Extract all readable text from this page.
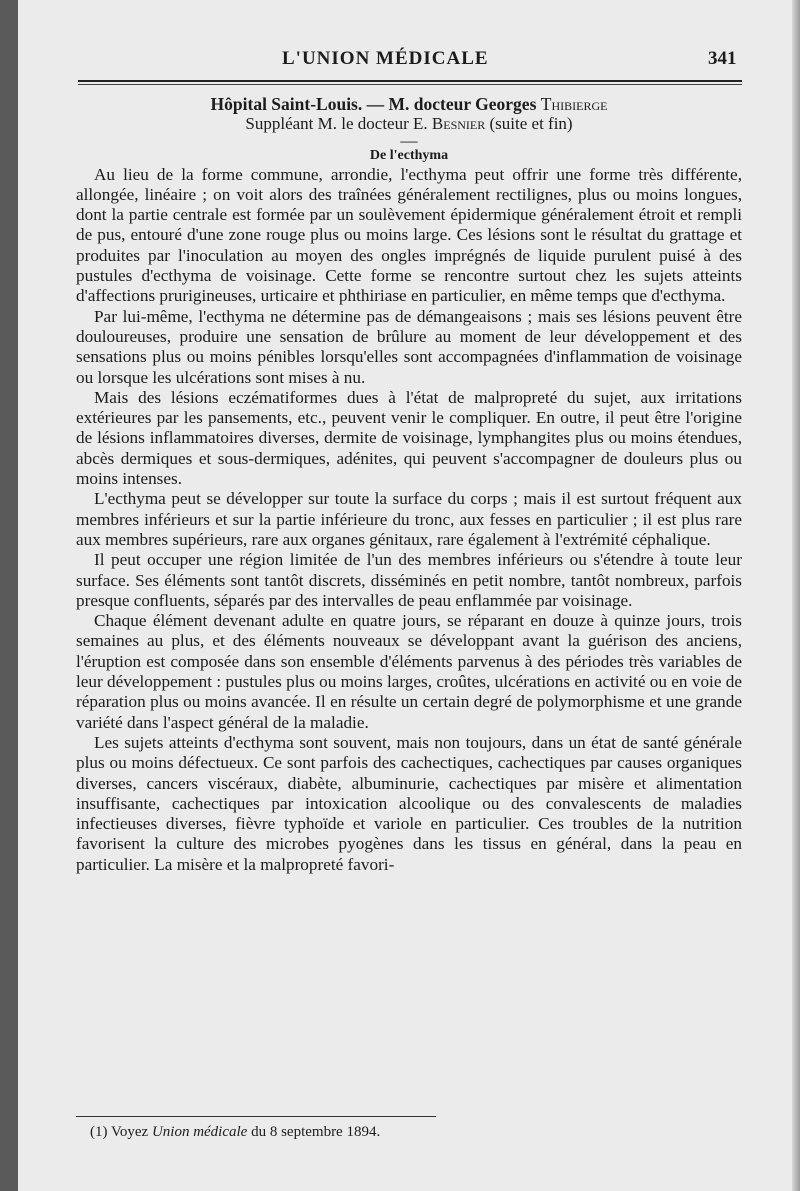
L'UNION MÉDICALE	341
Hôpital Saint-Louis. — M. docteur Georges Thibierge
Suppléant M. le docteur E. Besnier (suite et fin)
—
De l'ecthyma

Au lieu de la forme commune, arrondie, l'ecthyma peut offrir une forme très différente, allongée, linéaire ; on voit alors des traînées généralement rectilignes, plus ou moins longues, dont la partie centrale est formée par un soulèvement épidermique généralement étroit et rempli de pus, entouré d'une zone rouge plus ou moins large. Ces lésions sont le résultat du grattage et produites par l'inoculation au moyen des ongles imprégnés de liquide purulent puisé à des pustules d'ecthyma de voisinage. Cette forme se rencontre surtout chez les sujets atteints d'affections prurigineuses, urticaire et phthiriase en particulier, en même temps que d'ecthyma.

Par lui-même, l'ecthyma ne détermine pas de démangeaisons ; mais ses lésions peuvent être douloureuses, produire une sensation de brûlure au moment de leur développement et des sensations plus ou moins pénibles lorsqu'elles sont accompagnées d'inflammation de voisinage ou lorsque les ulcérations sont mises à nu.

Mais des lésions eczématiformes dues à l'état de malpropreté du sujet, aux irritations extérieures par les pansements, etc., peuvent venir le compliquer. En outre, il peut être l'origine de lésions inflammatoires diverses, dermite de voisinage, lymphangites plus ou moins étendues, abcès dermiques et sous-dermiques, adénites, qui peuvent s'accompagner de douleurs plus ou moins intenses.

L'ecthyma peut se développer sur toute la surface du corps ; mais il est surtout fréquent aux membres inférieurs et sur la partie inférieure du tronc, aux fesses en particulier ; il est plus rare aux membres supérieurs, rare aux organes génitaux, rare également à l'extrémité céphalique.

Il peut occuper une région limitée de l'un des membres inférieurs ou s'étendre à toute leur surface. Ses éléments sont tantôt discrets, disséminés en petit nombre, tantôt nombreux, parfois presque confluents, séparés par des intervalles de peau enflammée par voisinage.

Chaque élément devenant adulte en quatre jours, se réparant en douze à quinze jours, trois semaines au plus, et des éléments nouveaux se développant avant la guérison des anciens, l'éruption est composée dans son ensemble d'éléments parvenus à des périodes très variables de leur développement : pustules plus ou moins larges, croûtes, ulcérations en activité ou en voie de réparation plus ou moins avancée. Il en résulte un certain degré de polymorphisme et une grande variété dans l'aspect général de la maladie.

Les sujets atteints d'ecthyma sont souvent, mais non toujours, dans un état de santé générale plus ou moins défectueux. Ce sont parfois des cachectiques, cachectiques par causes organiques diverses, cancers viscéraux, diabète, albuminurie, cachectiques par misère et alimentation insuffisante, cachectiques par intoxication alcoolique ou des convalescents de maladies infectieuses diverses, fièvre typhoïde et variole en particulier. Ces troubles de la nutrition favorisent la culture des microbes pyogènes dans les tissus en général, dans la peau en particulier. La misère et la malpropreté favori-

(1) Voyez Union médicale du 8 septembre 1894.
